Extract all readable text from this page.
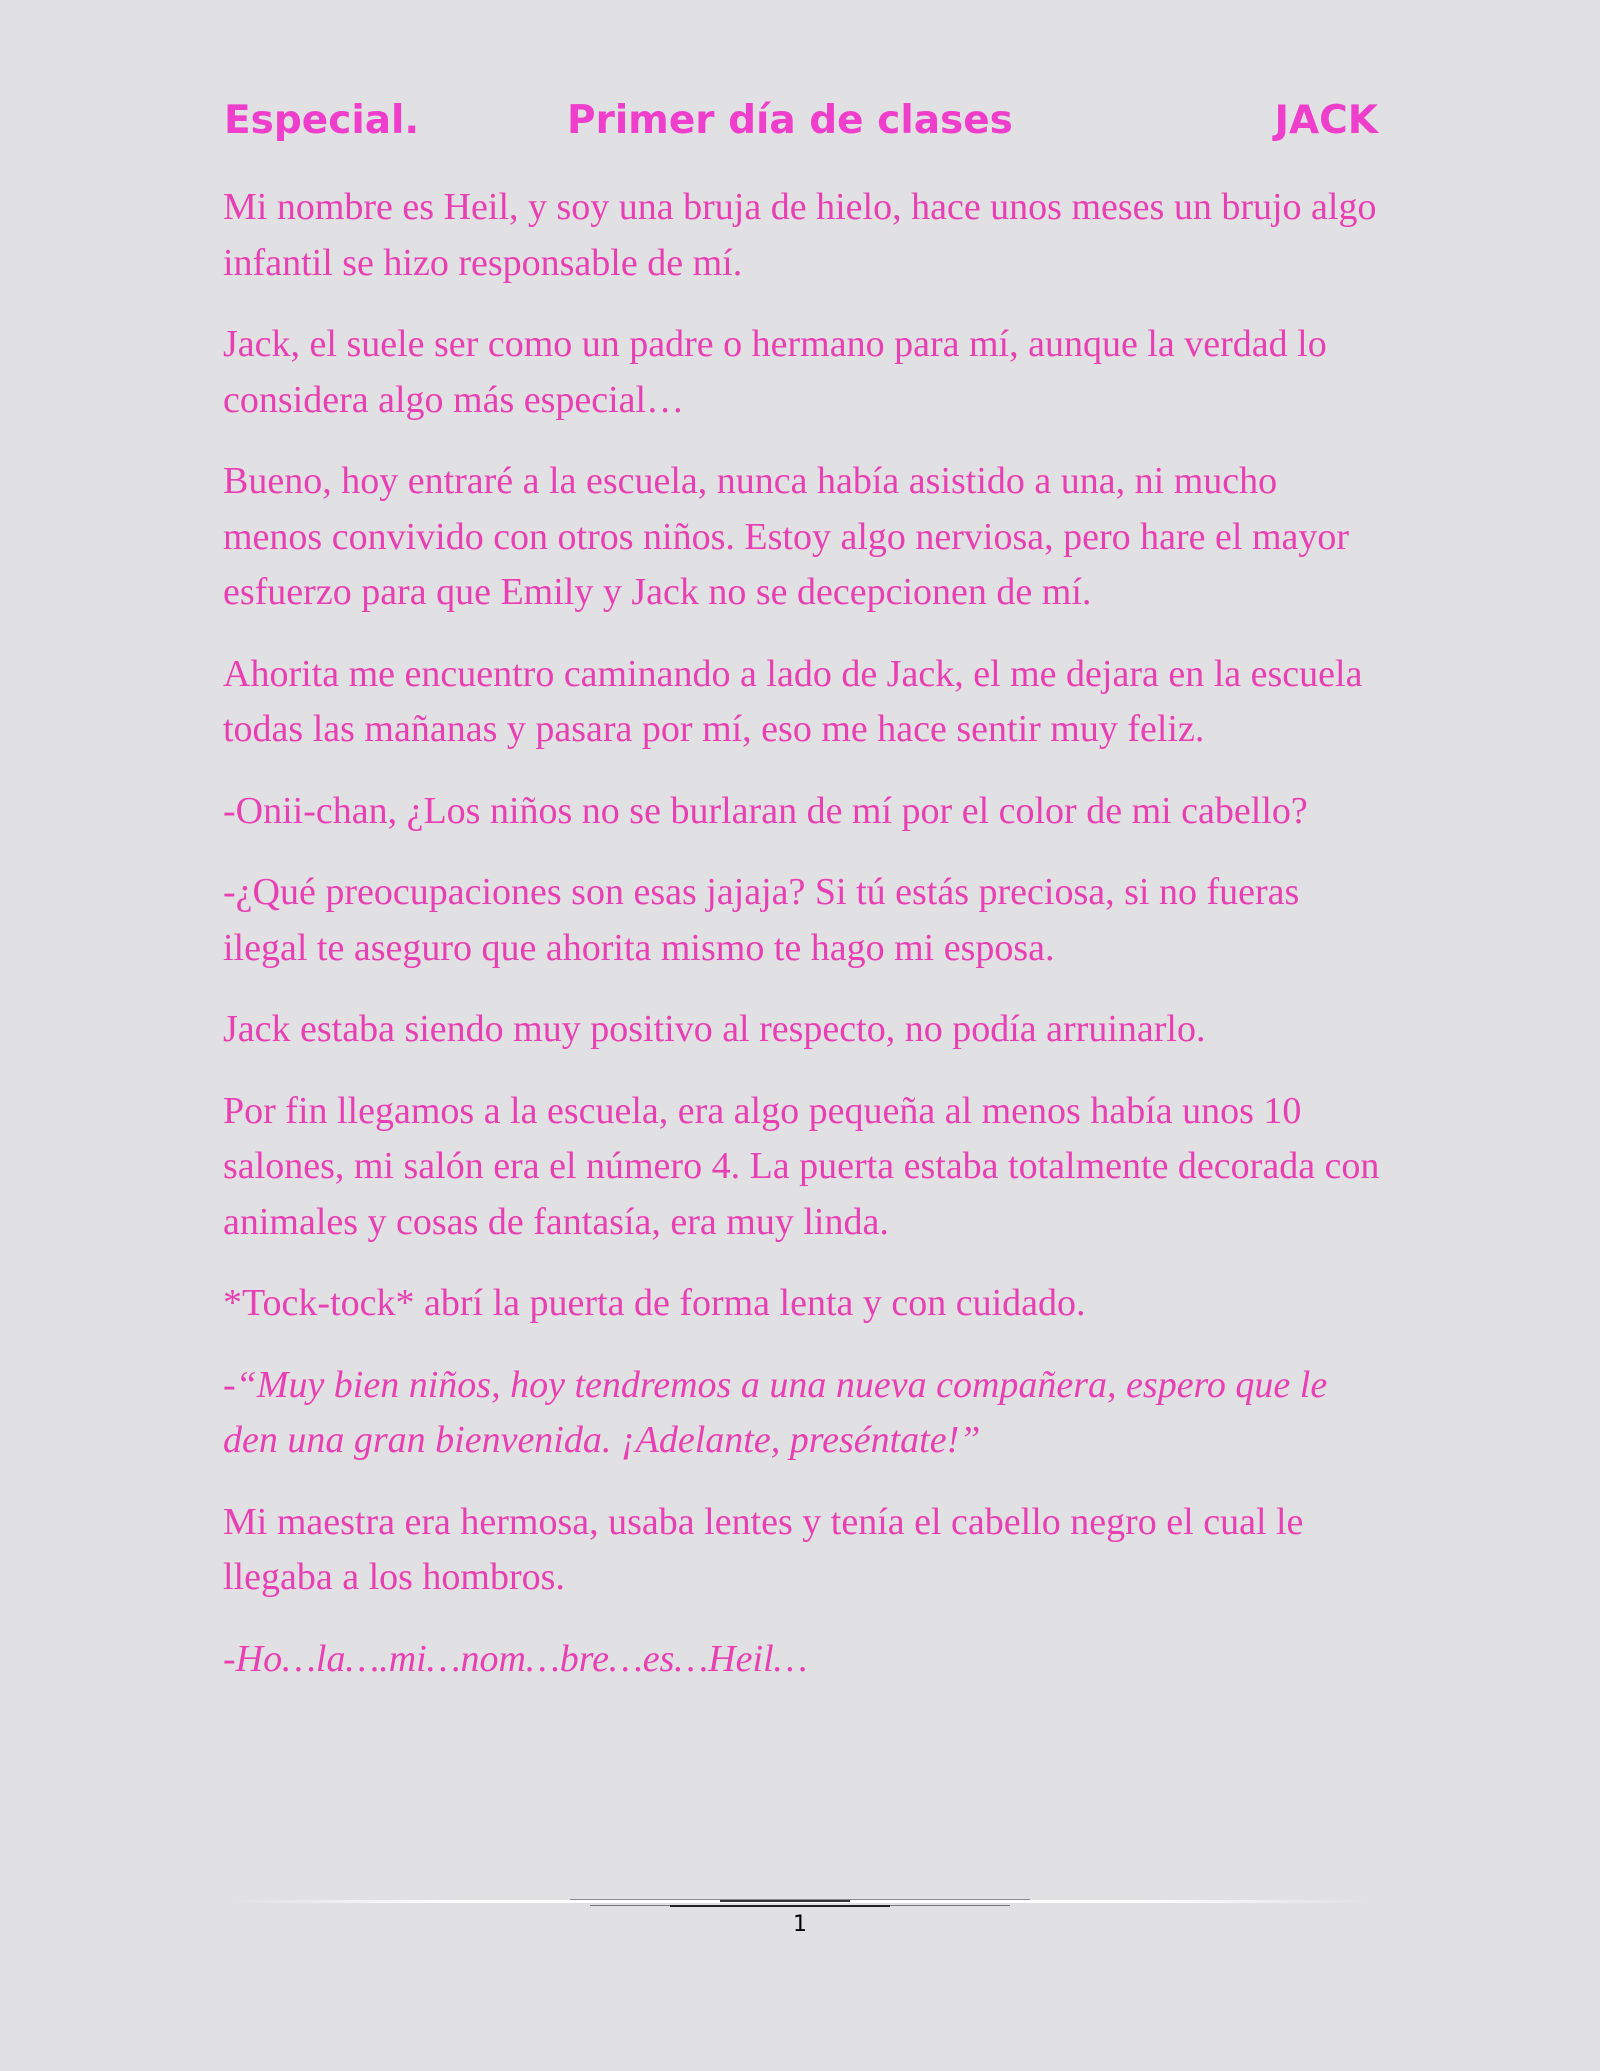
Especial.	Primer día de clases	JACK

Mi nombre es Heil, y soy una bruja de hielo, hace unos meses un brujo algo infantil se hizo responsable de mí.

Jack, el suele ser como un padre o hermano para mí, aunque la verdad lo considera algo más especial…

Bueno, hoy entraré a la escuela, nunca había asistido a una, ni mucho menos convivido con otros niños. Estoy algo nerviosa, pero hare el mayor esfuerzo para que Emily y Jack no se decepcionen de mí.

Ahorita me encuentro caminando a lado de Jack, el me dejara en la escuela todas las mañanas y pasara por mí, eso me hace sentir muy feliz.

-Onii-chan, ¿Los niños no se burlaran de mí por el color de mi cabello?

-¿Qué preocupaciones son esas jajaja? Si tú estás preciosa, si no fueras ilegal te aseguro que ahorita mismo te hago mi esposa.

Jack estaba siendo muy positivo al respecto, no podía arruinarlo.

Por fin llegamos a la escuela, era algo pequeña al menos había unos 10 salones, mi salón era el número 4. La puerta estaba totalmente decorada con animales y cosas de fantasía, era muy linda.

*Tock-tock* abrí la puerta de forma lenta y con cuidado.

-“Muy bien niños, hoy tendremos a una nueva compañera, espero que le den una gran bienvenida. ¡Adelante, preséntate!”

Mi maestra era hermosa, usaba lentes y tenía el cabello negro el cual le llegaba a los hombros.

-Ho…la….mi…nom…bre…es…Heil…

1
